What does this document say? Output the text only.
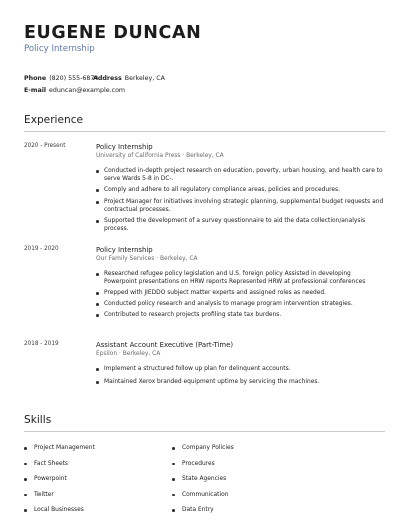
EUGENE DUNCAN
Policy Internship
Phone (820) 555-6874
Address Berkeley, CA
E-mail eduncan@example.com
Experience
2020 - Present	Policy Internship
University of California Press · Berkeley, CA
Conducted in-depth project research on education, poverty, urban housing, and health care to serve Wards 5-8 in DC-.
Comply and adhere to all regulatory compliance areas, policies and procedures.
Project Manager for initiatives involving strategic planning, supplemental budget requests and contractual processes.
Supported the development of a survey questionnaire to aid the data collection/analysis process.
2019 - 2020	Policy Internship
Our Family Services · Berkeley, CA
Researched refugee policy legislation and U.S. foreign policy Assisted in developing Powerpoint presentations on HRW reports Represented HRW at professional conferences
Prepped with JIEDDO subject matter experts and assigned roles as needed.
Conducted policy research and analysis to manage program intervention strategies.
Contributed to research projects profiling state tax burdens.
2018 - 2019	Assistant Account Executive (Part-Time)
Epsilon · Berkeley, CA
Implement a structured follow up plan for delinquent accounts.
Maintained Xerox branded equipment uptime by servicing the machines.
Skills
Project Management
Fact Sheets
Powerpoint
Twitter
Local Businesses
Company Policies
Procedures
State Agencies
Communication
Data Entry
